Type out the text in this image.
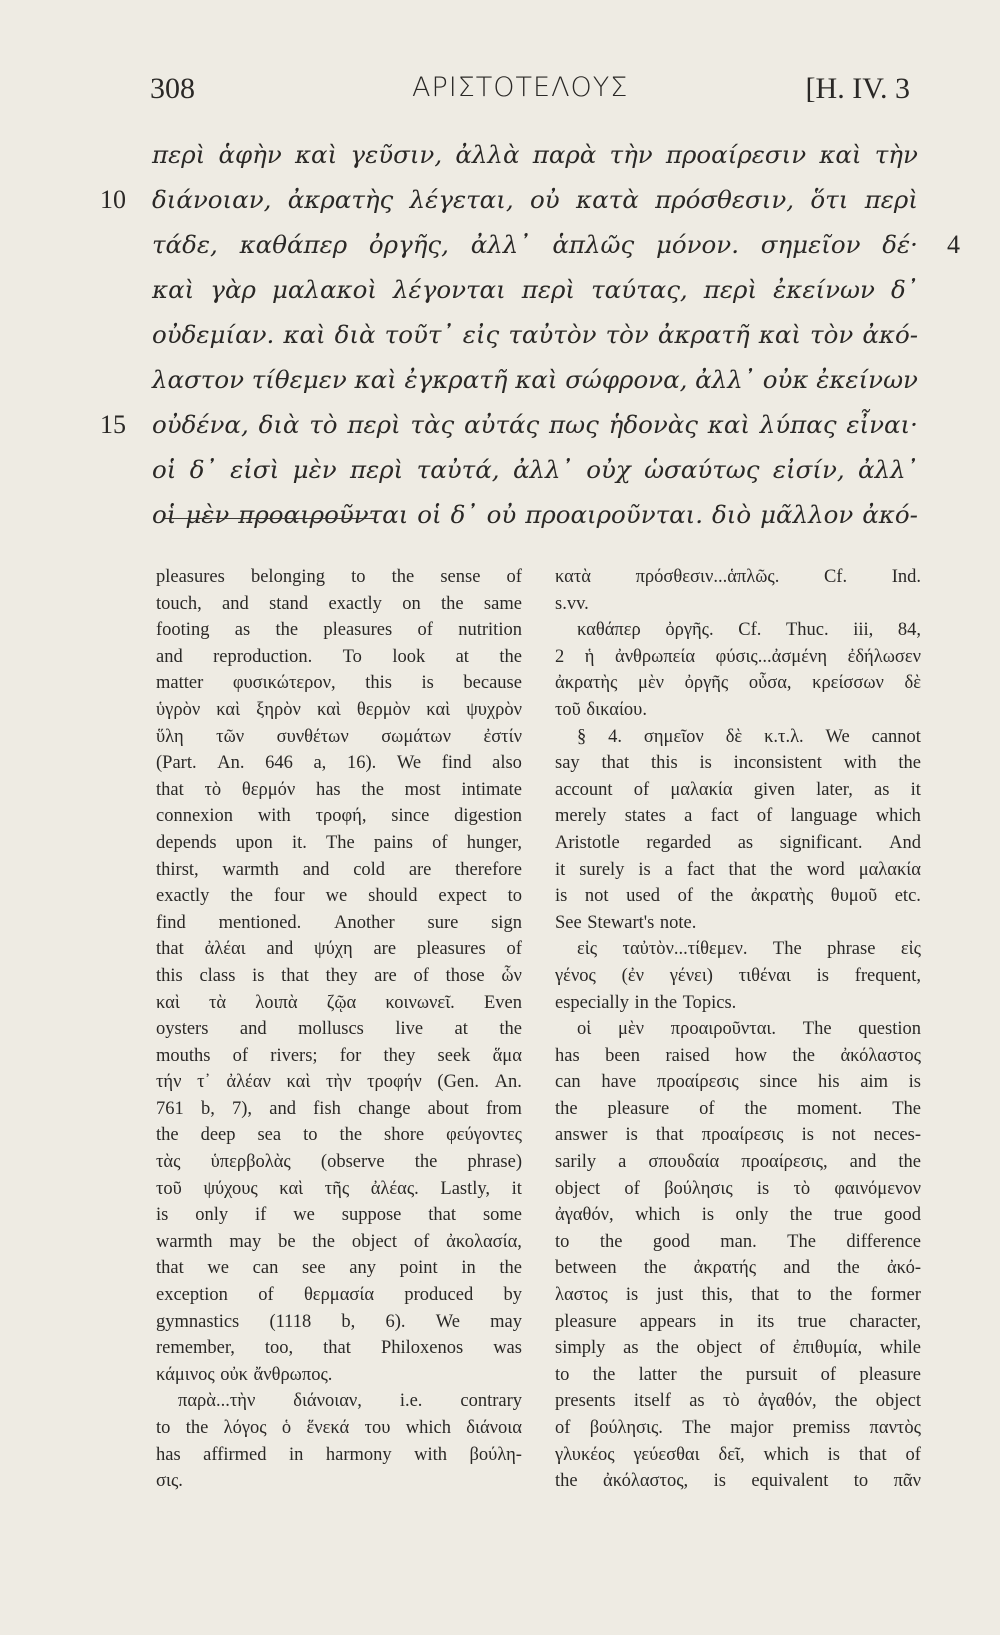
308	ΑΡΙΣΤΟΤΕΛΟΥΣ	[H. IV. 3
περὶ ἁφὴν καὶ γεῦσιν, ἀλλὰ παρὰ τὴν προαίρεσιν καὶ τὴν
10 διάνοιαν, ἀκρατὴς λέγεται, οὐ κατὰ πρόσθεσιν, ὅτι περὶ
τάδε, καθάπερ ὀργῆς, ἀλλ᾽ ἁπλῶς μόνον. σημεῖον δέ· 4
καὶ γὰρ μαλακοὶ λέγονται περὶ ταύτας, περὶ ἐκείνων δ᾽
οὐδεμίαν. καὶ διὰ τοῦτ᾽ εἰς ταὐτὸν τὸν ἀκρατῆ καὶ τὸν ἀκό-
λαστον τίθεμεν καὶ ἐγκρατῆ καὶ σώφρονα, ἀλλ᾽ οὐκ ἐκείνων
15 οὐδένα, διὰ τὸ περὶ τὰς αὐτάς πως ἡδονὰς καὶ λύπας εἶναι·
οἱ δ᾽ εἰσὶ μὲν περὶ ταὐτά, ἀλλ᾽ οὐχ ὡσαύτως εἰσίν, ἀλλ᾽
οἱ μὲν προαιροῦνται οἱ δ᾽ οὐ προαιροῦνται. διὸ μᾶλλον ἀκό-
pleasures belonging to the sense of
touch, and stand exactly on the same
footing as the pleasures of nutrition
and reproduction. To look at the
matter φυσικώτερον, this is because
ὑγρὸν καὶ ξηρὸν καὶ θερμὸν καὶ ψυχρὸν
ὕλη τῶν συνθέτων σωμάτων ἐστίν
(Part. An. 646 a, 16). We find also
that τὸ θερμόν has the most intimate
connexion with τροφή, since digestion
depends upon it. The pains of hunger,
thirst, warmth and cold are therefore
exactly the four we should expect to
find mentioned. Another sure sign
that ἀλέαι and ψύχη are pleasures of
this class is that they are of those ὧν
καὶ τὰ λοιπὰ ζῷα κοινωνεῖ. Even
oysters and molluscs live at the
mouths of rivers; for they seek ἅμα
τήν τ᾽ ἀλέαν καὶ τὴν τροφήν (Gen. An.
761 b, 7), and fish change about from
the deep sea to the shore φεύγοντες
τὰς ὑπερβολὰς (observe the phrase)
τοῦ ψύχους καὶ τῆς ἀλέας. Lastly, it
is only if we suppose that some
warmth may be the object of ἀκολασία,
that we can see any point in the
exception of θερμασία produced by
gymnastics (1118 b, 6). We may
remember, too, that Philoxenos was
κάμινος οὐκ ἄνθρωπος.
παρὰ...τὴν διάνοιαν, i.e. contrary
to the λόγος ὁ ἕνεκά του which διάνοια
has affirmed in harmony with βούλη-
σις.
κατὰ πρόσθεσιν...ἁπλῶς. Cf. Ind.
s.vv.
καθάπερ ὀργῆς. Cf. Thuc. iii, 84,
2 ἡ ἀνθρωπεία φύσις...ἀσμένη ἐδήλωσεν
ἀκρατὴς μὲν ὀργῆς οὖσα, κρείσσων δὲ
τοῦ δικαίου.
§ 4. σημεῖον δὲ κ.τ.λ. We cannot
say that this is inconsistent with the
account of μαλακία given later, as it
merely states a fact of language which
Aristotle regarded as significant. And
it surely is a fact that the word μαλακία
is not used of the ἀκρατὴς θυμοῦ etc.
See Stewart's note.
εἰς ταὐτὸν...τίθεμεν. The phrase εἰς
γένος (ἐν γένει) τιθέναι is frequent,
especially in the Topics.
οἱ μὲν προαιροῦνται. The question
has been raised how the ἀκόλαστος
can have προαίρεσις since his aim is
the pleasure of the moment. The
answer is that προαίρεσις is not neces-
sarily a σπουδαία προαίρεσις, and the
object of βούλησις is τὸ φαινόμενον
ἀγαθόν, which is only the true good
to the good man. The difference
between the ἀκρατής and the ἀκό-
λαστος is just this, that to the former
pleasure appears in its true character,
simply as the object of ἐπιθυμία, while
to the latter the pursuit of pleasure
presents itself as τὸ ἀγαθόν, the object
of βούλησις. The major premiss παντὸς
γλυκέος γεύεσθαι δεῖ, which is that of
the ἀκόλαστος, is equivalent to πᾶν
